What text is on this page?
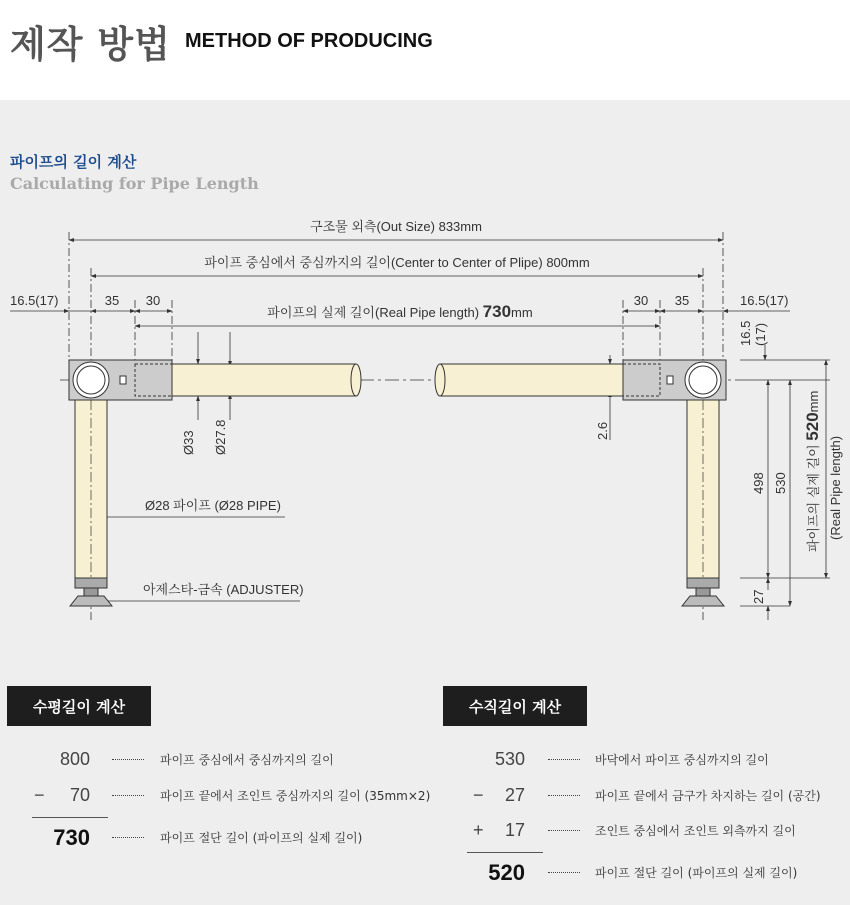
제작 방법 METHOD OF PRODUCING
파이프의 길이 계산
Calculating for Pipe Length
구조물 외측(Out Size) 833mm
파이프 중심에서 중심까지의 길이(Center to Center of Plipe) 800mm
파이프의 실제 길이(Real Pipe length) 730mm
16.5(17)	35 30	30 35	16.5(17)
16.5 (17)
Ø33 Ø27.8	2.6
Ø28 파이프 (Ø28 PIPE)
아제스타-금속 (ADJUSTER)
498 530
27
파이프의 실제 길이 520mm
(Real Pipe length)
수평길이 계산
800	파이프 중심에서 중심까지의 길이
−	70	파이프 끝에서 조인트 중심까지의 길이 (35mm×2)
730	파이프 절단 길이 (파이프의 실제 길이)
수직길이 계산
530	바닥에서 파이프 중심까지의 길이
−	27	파이프 끝에서 금구가 차지하는 길이 (공간)
+	17	조인트 중심에서 조인트 외측까지 길이
520	파이프 절단 길이 (파이프의 실제 길이)
